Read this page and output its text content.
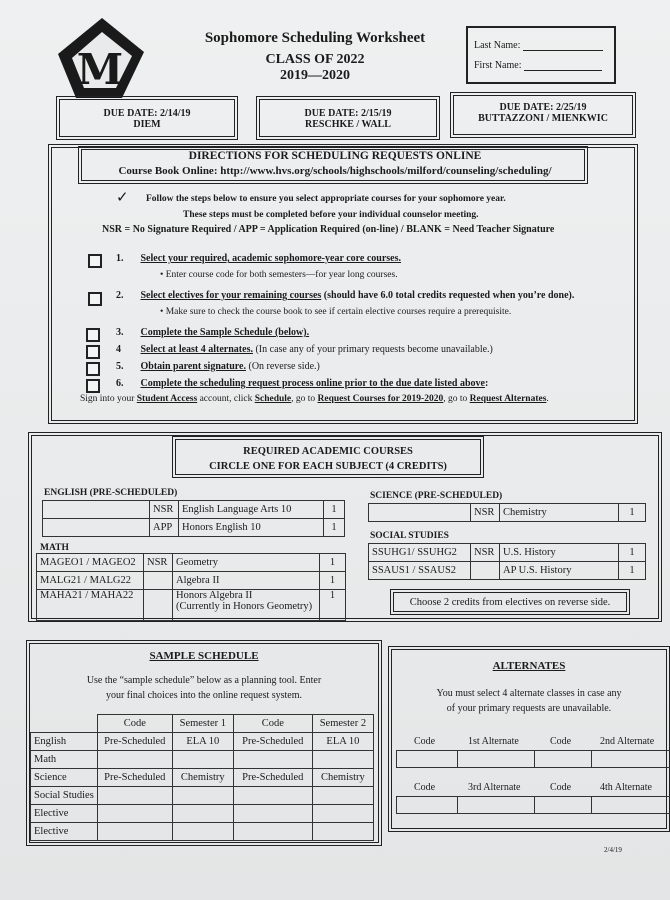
M
Sophomore Scheduling Worksheet
CLASS OF 2022
2019—2020
Last Name:
First Name:
DUE DATE: 2/14/19
DIEM
DUE DATE: 2/15/19
RESCHKE / WALL
DUE DATE: 2/25/19
BUTTAZZONI / MIENKWIC
DIRECTIONS FOR SCHEDULING REQUESTS ONLINE
Course Book Online: http://www.hvs.org/schools/highschools/milford/counseling/scheduling/
✓ Follow the steps below to ensure you select appropriate courses for your sophomore year.
These steps must be completed before your individual counselor meeting.
NSR = No Signature Required / APP = Application Required (on-line) / BLANK = Need Teacher Signature
1. Select your required, academic sophomore-year core courses.
• Enter course code for both semesters—for year long courses.
2. Select electives for your remaining courses (should have 6.0 total credits requested when you’re done).
• Make sure to check the course book to see if certain elective courses require a prerequisite.
3. Complete the Sample Schedule (below).
4 Select at least 4 alternates. (In case any of your primary requests become unavailable.)
5. Obtain parent signature. (On reverse side.)
6. Complete the scheduling request process online prior to the due date listed above:
Sign into your Student Access account, click Schedule, go to Request Courses for 2019-2020, go to Request Alternates.
REQUIRED ACADEMIC COURSES
CIRCLE ONE FOR EACH SUBJECT (4 CREDITS)
ENGLISH (PRE-SCHEDULED)
	NSR	English Language Arts 10	1
	APP	Honors English 10	1
MATH
MAGEO1 / MAGEO2	NSR	Geometry	1
MALG21 / MALG22		Algebra II	1
MAHA21 / MAHA22		Honors Algebra II
(Currently in Honors Geometry)	1
SCIENCE (PRE-SCHEDULED)
	NSR	Chemistry	1
SOCIAL STUDIES
SSUHG1/ SSUHG2	NSR	U.S. History	1
SSAUS1 / SSAUS2		AP U.S. History	1
Choose 2 credits from electives on reverse side.
SAMPLE SCHEDULE
Use the “sample schedule” below as a planning tool. Enter
your final choices into the online request system.
	Code	Semester 1	Code	Semester 2
English	Pre-Scheduled	ELA 10	Pre-Scheduled	ELA 10
Math				
Science	Pre-Scheduled	Chemistry	Pre-Scheduled	Chemistry
Social Studies				
Elective				
Elective				
ALTERNATES
You must select 4 alternate classes in case any
of your primary requests are unavailable.
Code	1st Alternate	Code	2nd Alternate
Code	3rd Alternate	Code	4th Alternate
2/4/19
